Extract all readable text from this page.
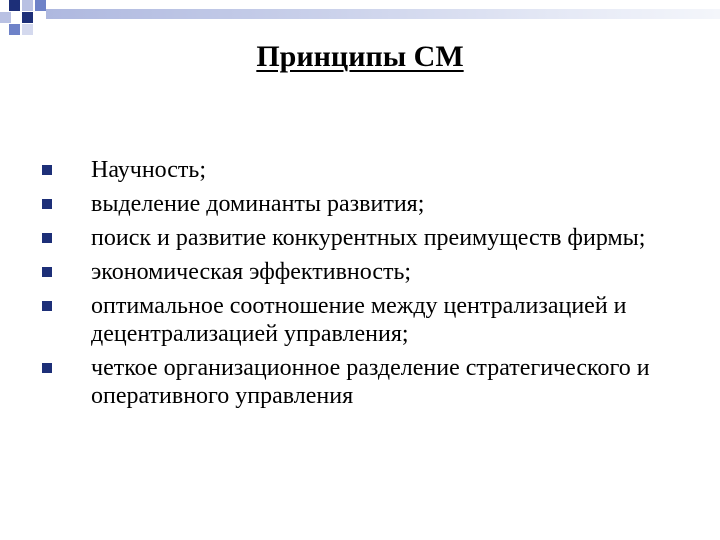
Принципы СМ
Научность;
выделение доминанты развития;
поиск и развитие конкурентных преимуществ фирмы;
экономическая эффективность;
оптимальное соотношение между централизацией и децентрализацией управления;
четкое организационное разделение стратегического и оперативного управления
